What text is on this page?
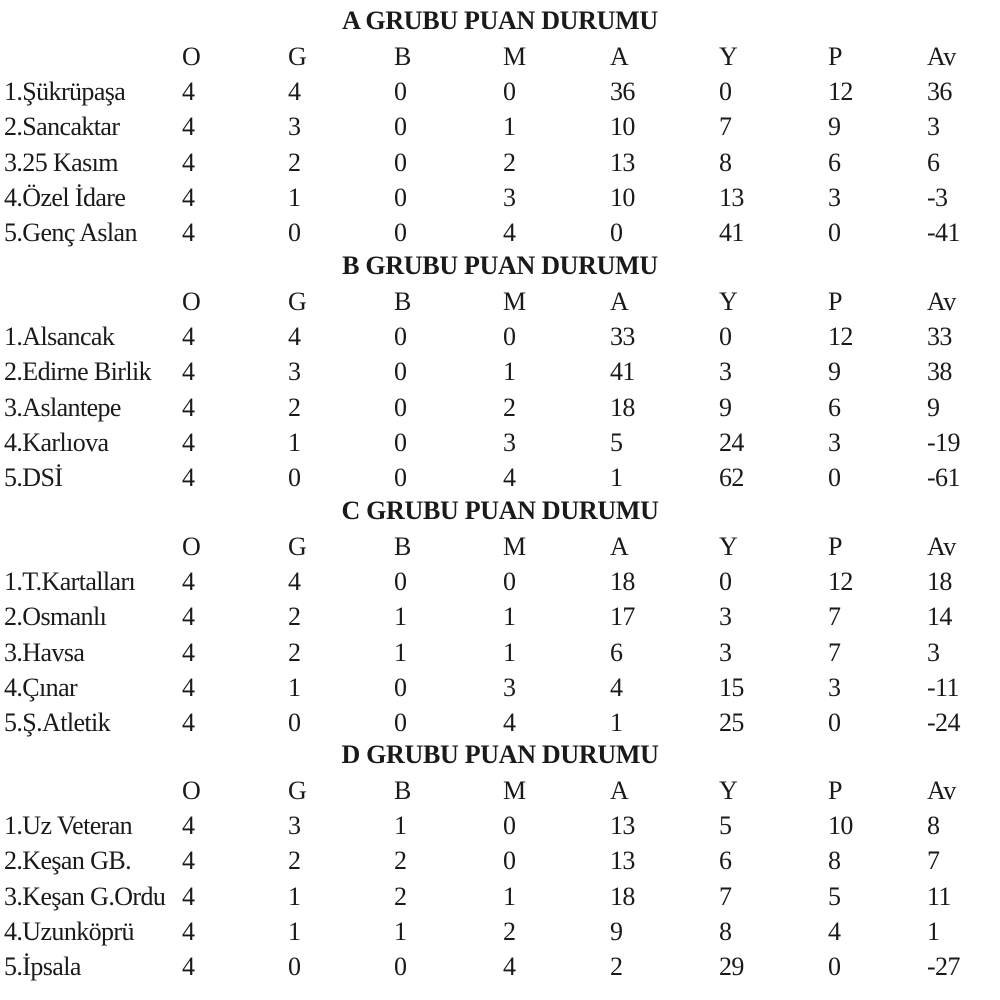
A GRUBU PUAN DURUMU
O	G	B	M	A	Y	P	Av
1.Şükrüpaşa 4	4	0	0	36	0	12	36
2.Sancaktar 4	3	0	1	10	7	9	3
3.25 Kasım 4	2	0	2	13	8	6	6
4.Özel İdare 4	1	0	3	10	13	3	-3
5.Genç Aslan 4	0	0	4	0	41	0	-41
B GRUBU PUAN DURUMU
O	G	B	M	A	Y	P	Av
1.Alsancak	4	4	0	0	33	0	12	33
2.Edirne Birlik 4	3	0	1	41	3	9	38
3.Aslantepe 4	2	0	2	18	9	6	9
4.Karlıova	4	1	0	3	5	24	3	-19
5.DSİ	4	0	0	4	1	62	0	-61
C GRUBU PUAN DURUMU
O	G	B	M	A	Y	P	Av
1.T.Kartalları 4	4	0	0	18	0	12	18
2.Osmanlı	4	2	1	1	17	3	7	14
3.Havsa	4	2	1	1	6	3	7	3
4.Çınar	4	1	0	3	4	15	3	-11
5.Ş.Atletik	4	0	0	4	1	25	0	-24
D GRUBU PUAN DURUMU
O	G	B	M	A	Y	P	Av
1.Uz Veteran 4	3	1	0	13	5	10	8
2.Keşan GB. 4	2	2	0	13	6	8	7
3.Keşan G.Ordu 4	1	2	1	18	7	5	11
4.Uzunköprü 4	1	1	2	9	8	4	1
5.İpsala	4	0	0	4	2	29	0	-27
